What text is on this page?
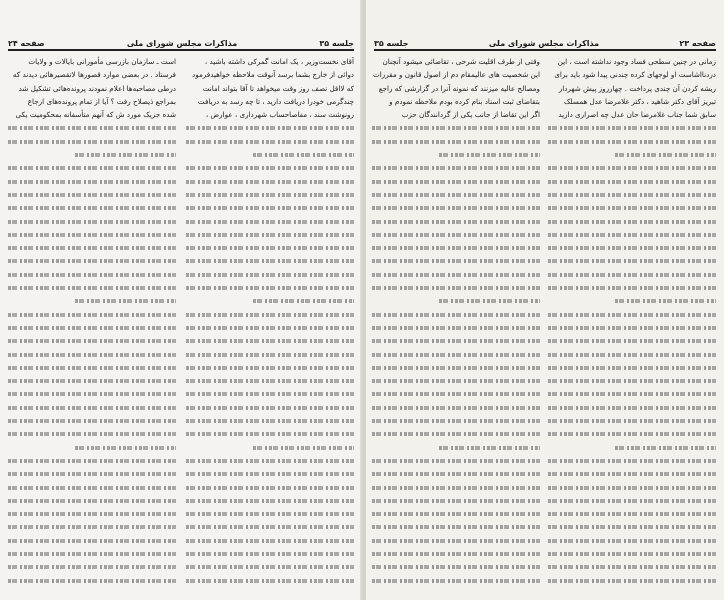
صفحه ۲۴	مذاکرات مجلس شورای ملی	جلسه ۳۵
آقای نخست‌وزیر ، یک امانت گمرکی داشته باشید ،
دوائی از خارج بشما برسد آنوقت ملاحظه خواهیدفرمود
که لااقل نصف روز وقت میخواهد تا آقا بتواند امانت
چندگرمی خودرا دریافت دارید ، تا چه رسد به دریافت
رونوشت سند ، مفاصاحساب شهرداری ، عوارض ،
است ـ سازمان بازرسی مأمورانی بایالات و ولایات
فرستاد . در بعضی موارد قصورها لاتقصیرهائی دیدند که
درطی مصاحبه‌ها اعلام نمودند پرونده‌هائی تشکیل شد
بمراجع ذیصلاح رفت ؟ آیا از تمام پرونده‌های ارجاع
شده جزیک مورد ش که آنهم متأسفانه بمحکومیت یکی
جلسه ۳۵	مذاکرات مجلس شورای ملی	صفحه ۲۳
زمانی در چنین سطحی فساد وجود نداشته است ، این
دردنااشاست او لوجهای کرده چندنی پیدا شود باید برای
ریشه کردن آن چندی پرداخت . چهارروز پیش شهردار
تبریز آقای دکتر شاهید ، دکتر غلامرضا عدل همسلک
سابق شما جناب غلامرضا حان عدل چه اصراری دارید
وقتی از طرف اقلیت شرحی ، تقاضائی میشود آنچنان
این شخصیت های عالیمقام دم از اصول قانون و مقررات
ومصالح عالیه میزنند که نمونه آنرا در گزارشی که راجع
بتقاضای ثبت اسناد بنام کرده بودم ملاحظه نمودم و
اگر این تقاضا از جانب یکی از گردانندگان حزب
